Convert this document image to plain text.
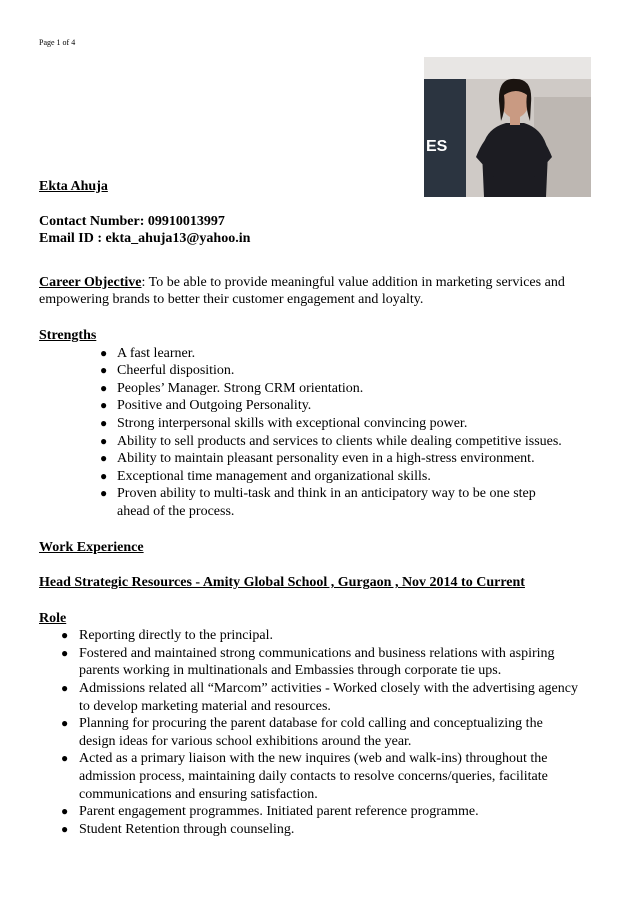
Page 1 of 4
ES

Ekta Ahuja

Contact Number: 09910013997

Email ID : ekta_ahuja13@yahoo.in

Career Objective: To be able to provide meaningful value addition in marketing services and empowering brands to better their customer engagement and loyalty.

Strengths

● A fast learner.
● Cheerful disposition.
● Peoples’ Manager. Strong CRM orientation.
● Positive and Outgoing Personality.
● Strong interpersonal skills with exceptional convincing power.
● Ability to sell products and services to clients while dealing competitive issues.
● Ability to maintain pleasant personality even in a high-stress environment.
● Exceptional time management and organizational skills.
● Proven ability to multi-task and think in an anticipatory way to be one step ahead of the process.

Work Experience

Head Strategic Resources - Amity Global School , Gurgaon , Nov 2014 to Current

Role

● Reporting directly to the principal.
● Fostered and maintained strong communications and business relations with aspiring parents working in multinationals and Embassies through corporate tie ups.
● Admissions related all “Marcom” activities - Worked closely with the advertising agency to develop marketing material and resources.
● Planning for procuring the parent database for cold calling and conceptualizing the design ideas for various school exhibitions around the year.
● Acted as a primary liaison with the new inquires (web and walk-ins) throughout the admission process, maintaining daily contacts to resolve concerns/queries, facilitate communications and ensuring satisfaction.
● Parent engagement programmes. Initiated parent reference programme.
● Student Retention through counseling.
